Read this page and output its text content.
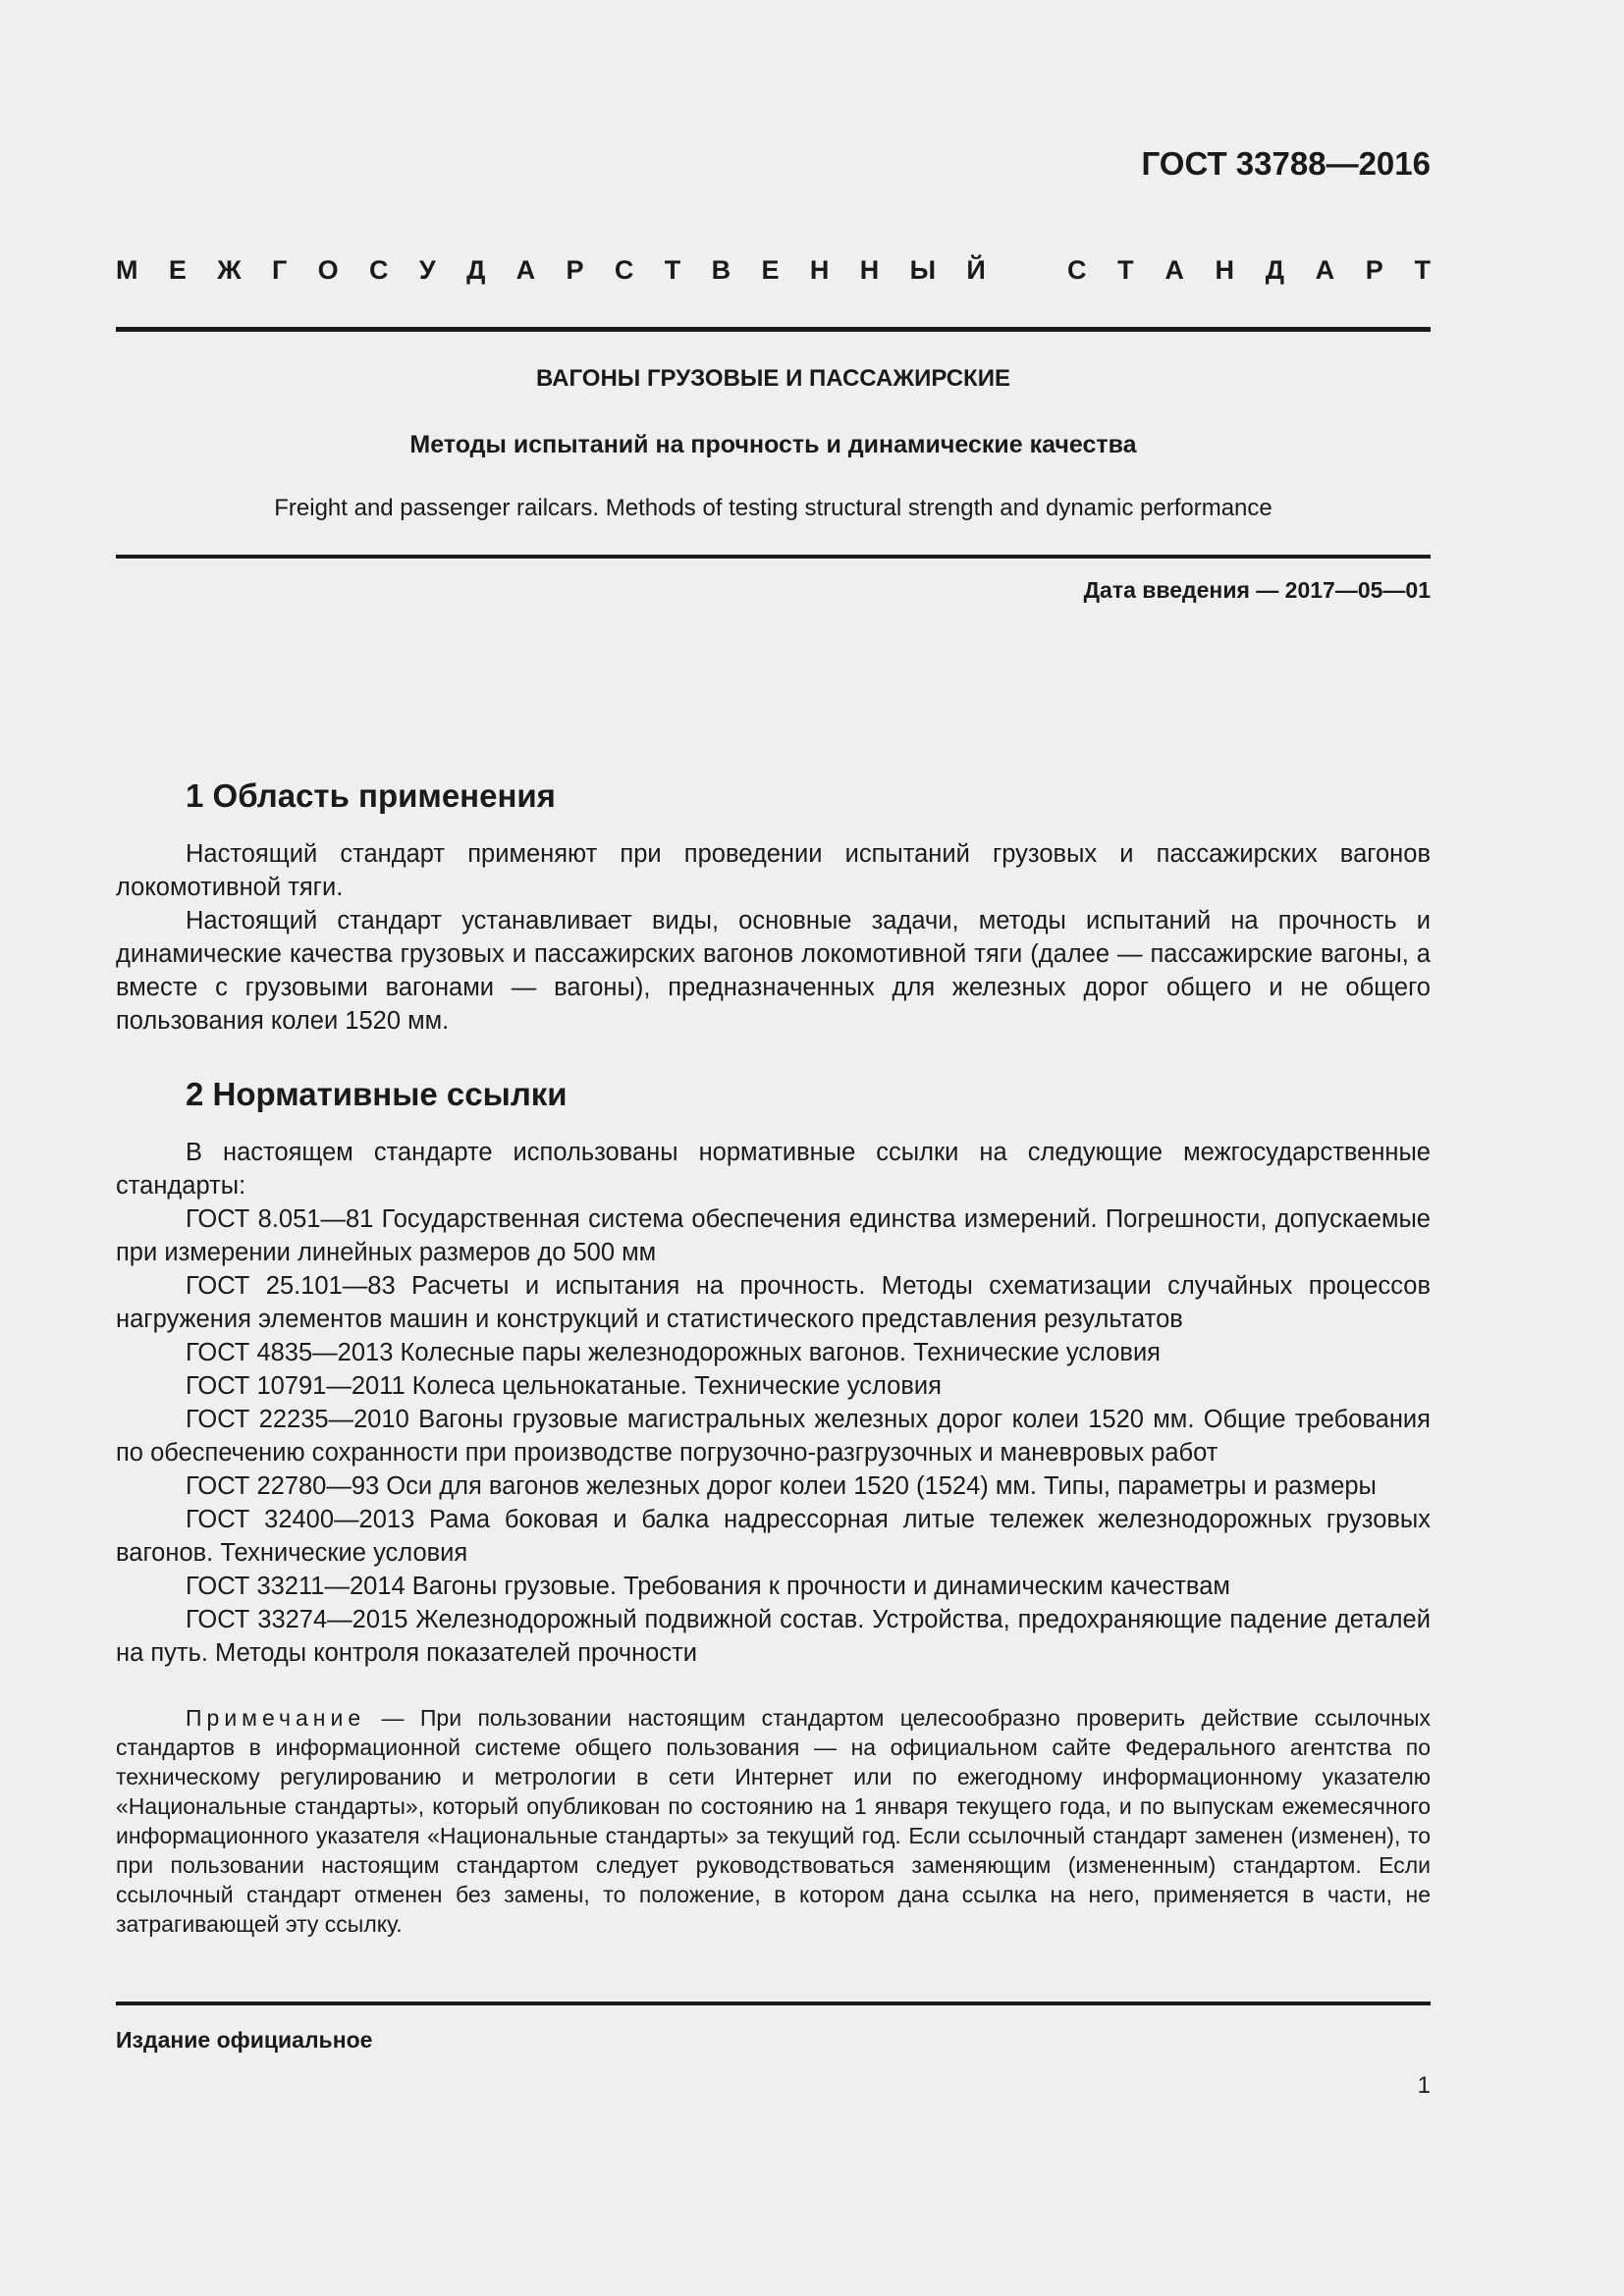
ГОСТ 33788—2016
М Е Ж Г О С У Д А Р С Т В Е Н Н Ы Й	С Т А Н Д А Р Т
ВАГОНЫ ГРУЗОВЫЕ И ПАССАЖИРСКИЕ
Методы испытаний на прочность и динамические качества
Freight and passenger railcars. Methods of testing structural strength and dynamic performance
Дата введения — 2017—05—01
1 Область применения

Настоящий стандарт применяют при проведении испытаний грузовых и пассажирских вагонов локомотивной тяги.

Настоящий стандарт устанавливает виды, основные задачи, методы испытаний на прочность и динамические качества грузовых и пассажирских вагонов локомотивной тяги (далее — пассажирские вагоны, а вместе с грузовыми вагонами — вагоны), предназначенных для железных дорог общего и не общего пользования колеи 1520 мм.

2 Нормативные ссылки

В настоящем стандарте использованы нормативные ссылки на следующие межгосударственные стандарты:

ГОСТ 8.051—81 Государственная система обеспечения единства измерений. Погрешности, допускаемые при измерении линейных размеров до 500 мм

ГОСТ 25.101—83 Расчеты и испытания на прочность. Методы схематизации случайных процессов нагружения элементов машин и конструкций и статистического представления результатов

ГОСТ 4835—2013 Колесные пары железнодорожных вагонов. Технические условия

ГОСТ 10791—2011 Колеса цельнокатаные. Технические условия

ГОСТ 22235—2010 Вагоны грузовые магистральных железных дорог колеи 1520 мм. Общие требования по обеспечению сохранности при производстве погрузочно-разгрузочных и маневровых работ

ГОСТ 22780—93 Оси для вагонов железных дорог колеи 1520 (1524) мм. Типы, параметры и размеры

ГОСТ 32400—2013 Рама боковая и балка надрессорная литые тележек железнодорожных грузовых вагонов. Технические условия

ГОСТ 33211—2014 Вагоны грузовые. Требования к прочности и динамическим качествам

ГОСТ 33274—2015 Железнодорожный подвижной состав. Устройства, предохраняющие падение деталей на путь. Методы контроля показателей прочности

Примечание — При пользовании настоящим стандартом целесообразно проверить действие ссылочных стандартов в информационной системе общего пользования — на официальном сайте Федерального агентства по техническому регулированию и метрологии в сети Интернет или по ежегодному информационному указателю «Национальные стандарты», который опубликован по состоянию на 1 января текущего года, и по выпускам ежемесячного информационного указателя «Национальные стандарты» за текущий год. Если ссылочный стандарт заменен (изменен), то при пользовании настоящим стандартом следует руководствоваться заменяющим (измененным) стандартом. Если ссылочный стандарт отменен без замены, то положение, в котором дана ссылка на него, применяется в части, не затрагивающей эту ссылку.

Издание официальное
1
